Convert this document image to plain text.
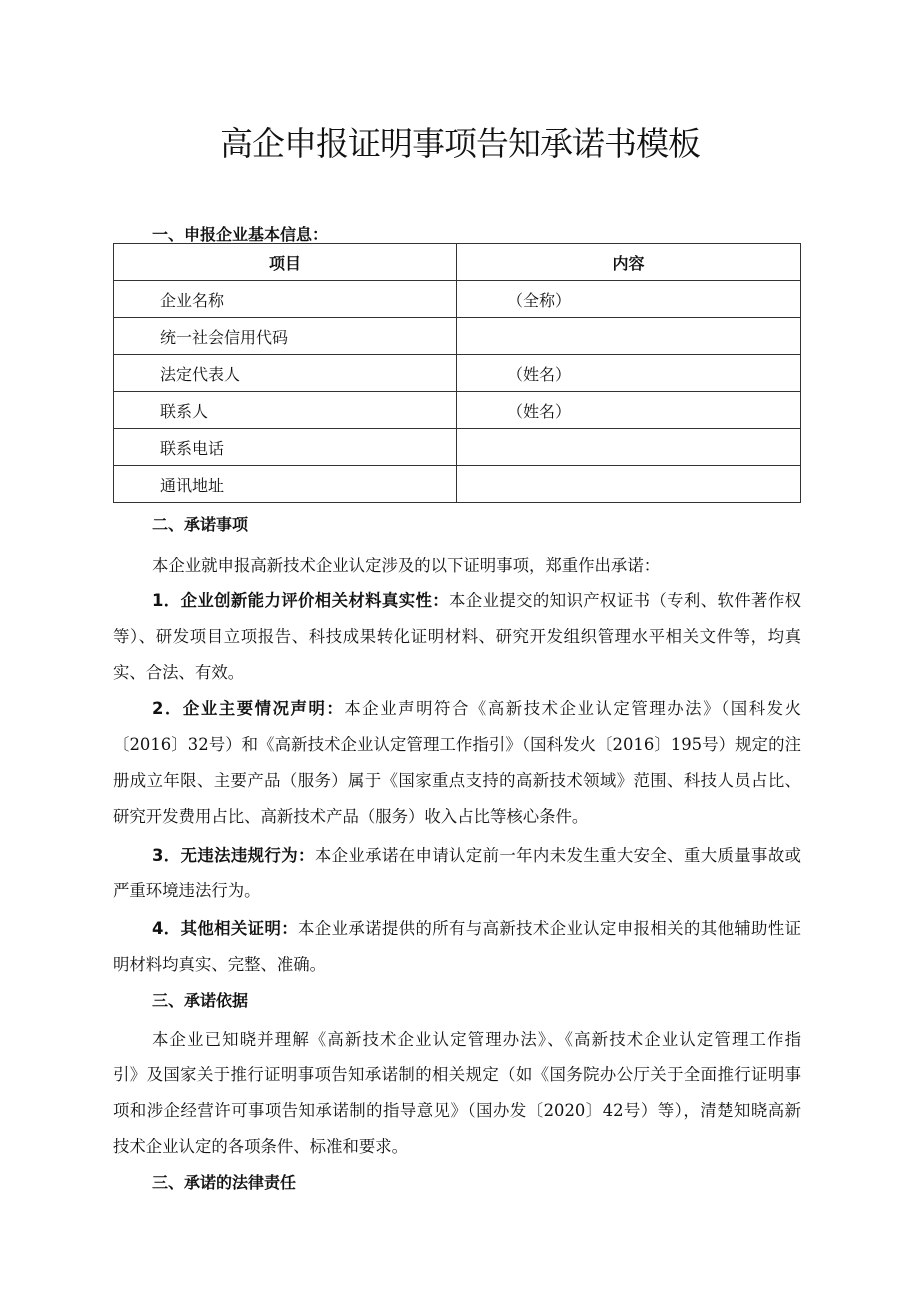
高企申报证明事项告知承诺书模板
一、申报企业基本信息：
项目	内容
企业名称	（全称）
统一社会信用代码	
法定代表人	（姓名）
联系人	（姓名）
联系电话	
通讯地址	
二、承诺事项
本企业就申报高新技术企业认定涉及的以下证明事项，郑重作出承诺：
1．企业创新能力评价相关材料真实性：本企业提交的知识产权证书（专利、软件著作权
等）、研发项目立项报告、科技成果转化证明材料、研究开发组织管理水平相关文件等，均真
实、合法、有效。
2．企业主要情况声明：本企业声明符合《高新技术企业认定管理办法》（国科发火
〔2016〕32号）和《高新技术企业认定管理工作指引》（国科发火〔2016〕195号）规定的注
册成立年限、主要产品（服务）属于《国家重点支持的高新技术领域》范围、科技人员占比、
研究开发费用占比、高新技术产品（服务）收入占比等核心条件。
3．无违法违规行为：本企业承诺在申请认定前一年内未发生重大安全、重大质量事故或
严重环境违法行为。
4．其他相关证明：本企业承诺提供的所有与高新技术企业认定申报相关的其他辅助性证
明材料均真实、完整、准确。
三、承诺依据
本企业已知晓并理解《高新技术企业认定管理办法》、《高新技术企业认定管理工作指
引》及国家关于推行证明事项告知承诺制的相关规定（如《国务院办公厅关于全面推行证明事
项和涉企经营许可事项告知承诺制的指导意见》（国办发〔2020〕42号）等），清楚知晓高新
技术企业认定的各项条件、标准和要求。
三、承诺的法律责任
